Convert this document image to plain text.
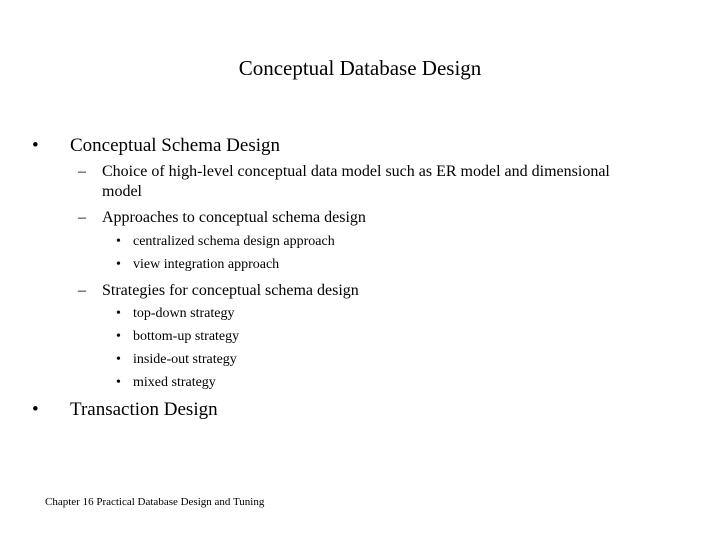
Conceptual Database Design
• Conceptual Schema Design
– Choice of high-level conceptual data model such as ER model and dimensional
model
– Approaches to conceptual schema design
• centralized schema design approach
• view integration approach
– Strategies for conceptual schema design
• top-down strategy
• bottom-up strategy
• inside-out strategy
• mixed strategy
• Transaction Design
Chapter 16 Practical Database Design and Tuning
